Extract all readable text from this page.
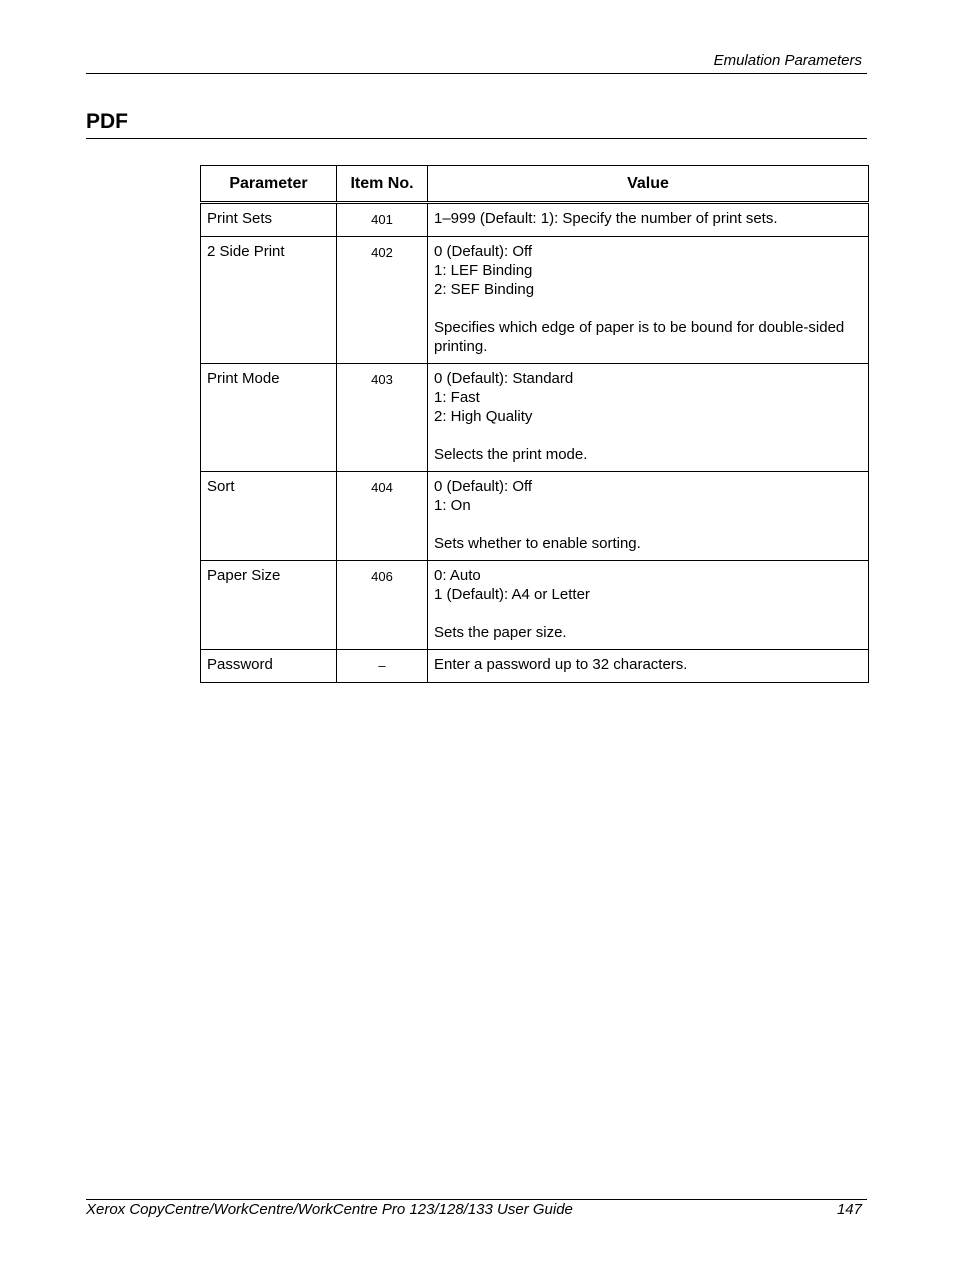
Emulation Parameters
PDF
Parameter	Item No.	Value
Print Sets	401	1–999 (Default: 1): Specify the number of print sets.

2 Side Print	402	0 (Default): Off
1: LEF Binding
2: SEF Binding
Specifies which edge of paper is to be bound for double-sided printing.

Print Mode	403	0 (Default): Standard
1: Fast
2: High Quality
Selects the print mode.

Sort	404	0 (Default): Off
1: On
Sets whether to enable sorting.

Paper Size	406	0: Auto
1 (Default): A4 or Letter
Sets the paper size.

Password	–	Enter a password up to 32 characters.
Xerox CopyCentre/WorkCentre/WorkCentre Pro 123/128/133 User Guide	147
